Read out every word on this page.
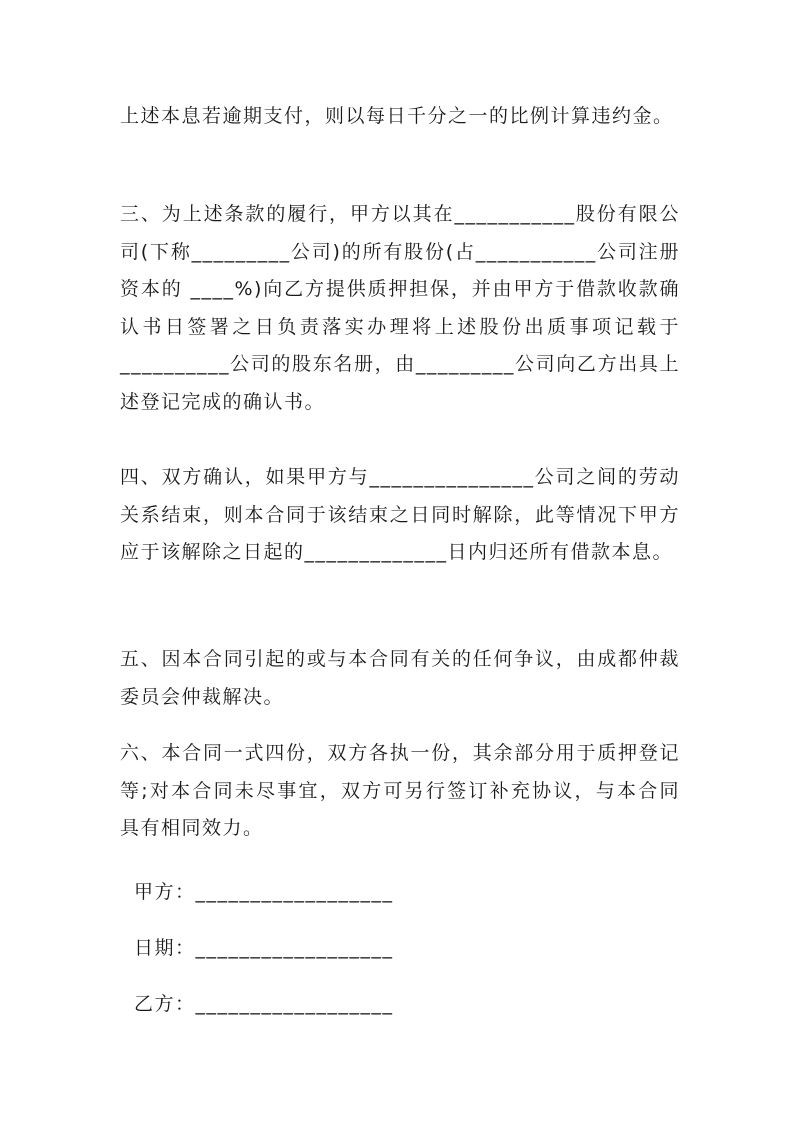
上述本息若逾期支付，则以每日千分之一的比例计算违约金。

三、为上述条款的履行，甲方以其在___________股份有限公司(下称_________公司)的所有股份(占___________公司注册资本的 ____%)向乙方提供质押担保，并由甲方于借款收款确认书日签署之日负责落实办理将上述股份出质事项记载于__________公司的股东名册，由_________公司向乙方出具上述登记完成的确认书。

四、双方确认，如果甲方与_______________公司之间的劳动关系结束，则本合同于该结束之日同时解除，此等情况下甲方应于该解除之日起的_____________日内归还所有借款本息。

五、因本合同引起的或与本合同有关的任何争议，由成都仲裁委员会仲裁解决。

六、本合同一式四份，双方各执一份，其余部分用于质押登记等;对本合同未尽事宜，双方可另行签订补充协议，与本合同具有相同效力。

甲方：__________________

日期：__________________

乙方：__________________
